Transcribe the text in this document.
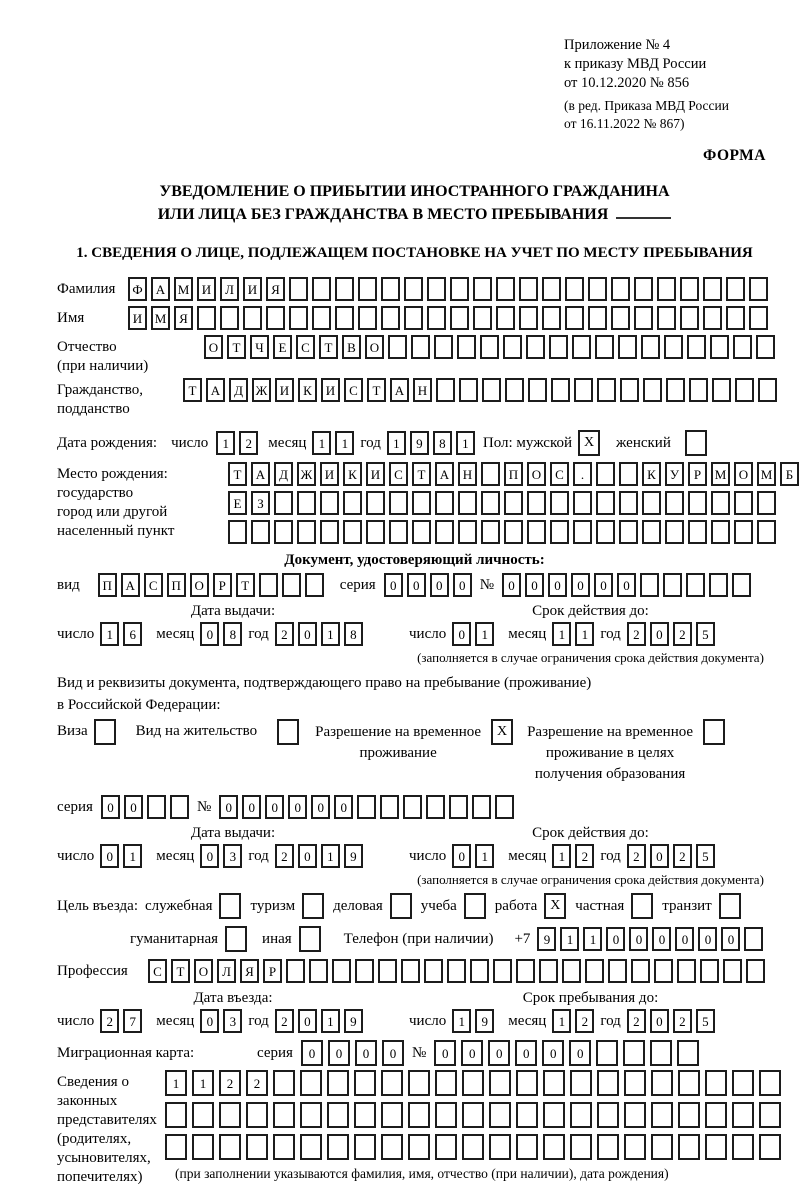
Приложение № 4
к приказу МВД России
от 10.12.2020 № 856
(в ред. Приказа МВД России
от 16.11.2022 № 867)
ФОРМА
УВЕДОМЛЕНИЕ О ПРИБЫТИИ ИНОСТРАННОГО ГРАЖДАНИНА
ИЛИ ЛИЦА БЕЗ ГРАЖДАНСТВА В МЕСТО ПРЕБЫВАНИЯ
1. СВЕДЕНИЯ О ЛИЦЕ, ПОДЛЕЖАЩЕМ ПОСТАНОВКЕ НА УЧЕТ ПО МЕСТУ ПРЕБЫВАНИЯ
Фамилия	Ф	А М И	Л	И	Я
Имя	И М Я
Отчество
(при наличии)
О	Т	Ч	Е	С	Т	В	О
Гражданство,
подданство
Т	А	Д Ж И	К	И	С	Т	А	Н
Дата рождения: число	1	2	месяц 1	1 год 1	9	8	1 Пол: мужской X	женский
Место рождения:
государство
город или другой
населенный пункт
Т	А	Д Ж И	К	И	С	Т	А	Н	П	О	С	.	К	У	Р	М О М	Б
Е	З
Документ, удостоверяющий личность:
вид	П	А	С	П	О	Р	Т	серия	0	0	0	0 №	0	0	0	0	0	0
Дата выдачи:
число 1	6	месяц 0	8 год 2	0	1	8
Срок действия до:
число 0	1	месяц 1	1 год 2	0	2	5
(заполняется в случае ограничения срока действия документа)
Вид и реквизиты документа, подтверждающего право на пребывание (проживание)
в Российской Федерации:
Виза	Вид на жительство	Разрешение на временное
проживание
X	Разрешение на временное
проживание в целях
получения образования
серия	0	0	№	0	0	0	0	0	0
Дата выдачи:
число 0	1	месяц 0	3 год 2	0	1	9
Срок действия до:
число 0	1	месяц 1	2 год 2	0	2	5
(заполняется в случае ограничения срока действия документа)
Цель въезда: служебная	туризм	деловая	учеба	работа X частная	транзит
гуманитарная	иная	Телефон (при наличии) +7	9	1	1	0	0	0	0	0	0
Профессия	С	Т	О	Л	Я	Р
Дата въезда:
число 2	7	месяц 0	3 год 2	0	1	9
Срок пребывания до:
число 1	9	месяц 1	2 год 2	0	2	5
Миграционная карта:	серия	0	0	0	0	№	0	0	0	0	0	0
Сведения о
законных
представителях
(родителях,
усыновителях,
попечителях)
1	1	2	2
(при заполнении указываются фамилия, имя, отчество (при наличии), дата рождения)
